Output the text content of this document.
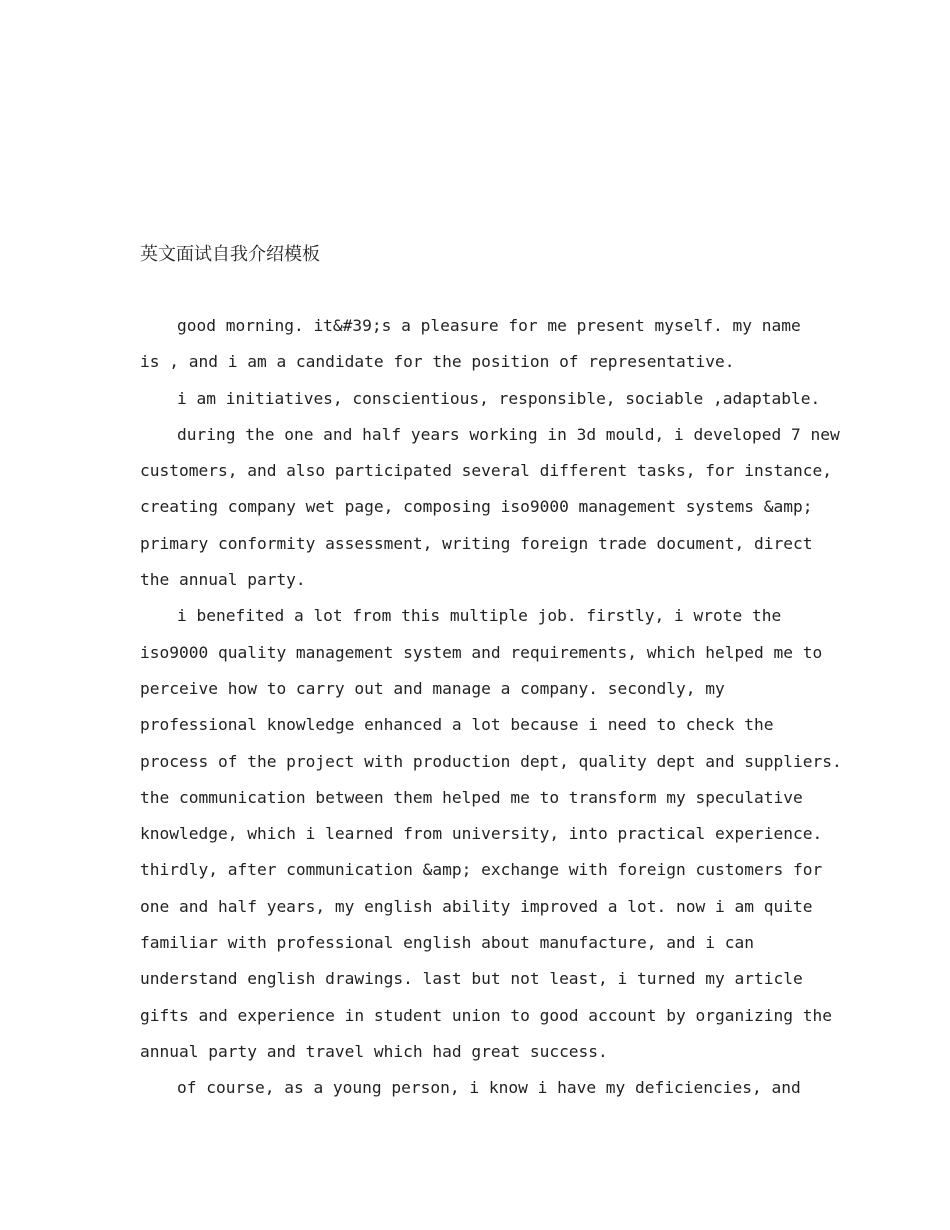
英文面试自我介绍模板
good morning. it&#39;s a pleasure for me present myself. my name
is , and i am a candidate for the position of representative.
i am initiatives, conscientious, responsible, sociable ,adaptable.
during the one and half years working in 3d mould, i developed 7 new
customers, and also participated several different tasks, for instance,
creating company wet page, composing iso9000 management systems &amp;
primary conformity assessment, writing foreign trade document, direct
the annual party.
i benefited a lot from this multiple job. firstly, i wrote the
iso9000 quality management system and requirements, which helped me to
perceive how to carry out and manage a company. secondly, my
professional knowledge enhanced a lot because i need to check the
process of the project with production dept, quality dept and suppliers.
the communication between them helped me to transform my speculative
knowledge, which i learned from university, into practical experience.
thirdly, after communication &amp; exchange with foreign customers for
one and half years, my english ability improved a lot. now i am quite
familiar with professional english about manufacture, and i can
understand english drawings. last but not least, i turned my article
gifts and experience in student union to good account by organizing the
annual party and travel which had great success.
of course, as a young person, i know i have my deficiencies, and
